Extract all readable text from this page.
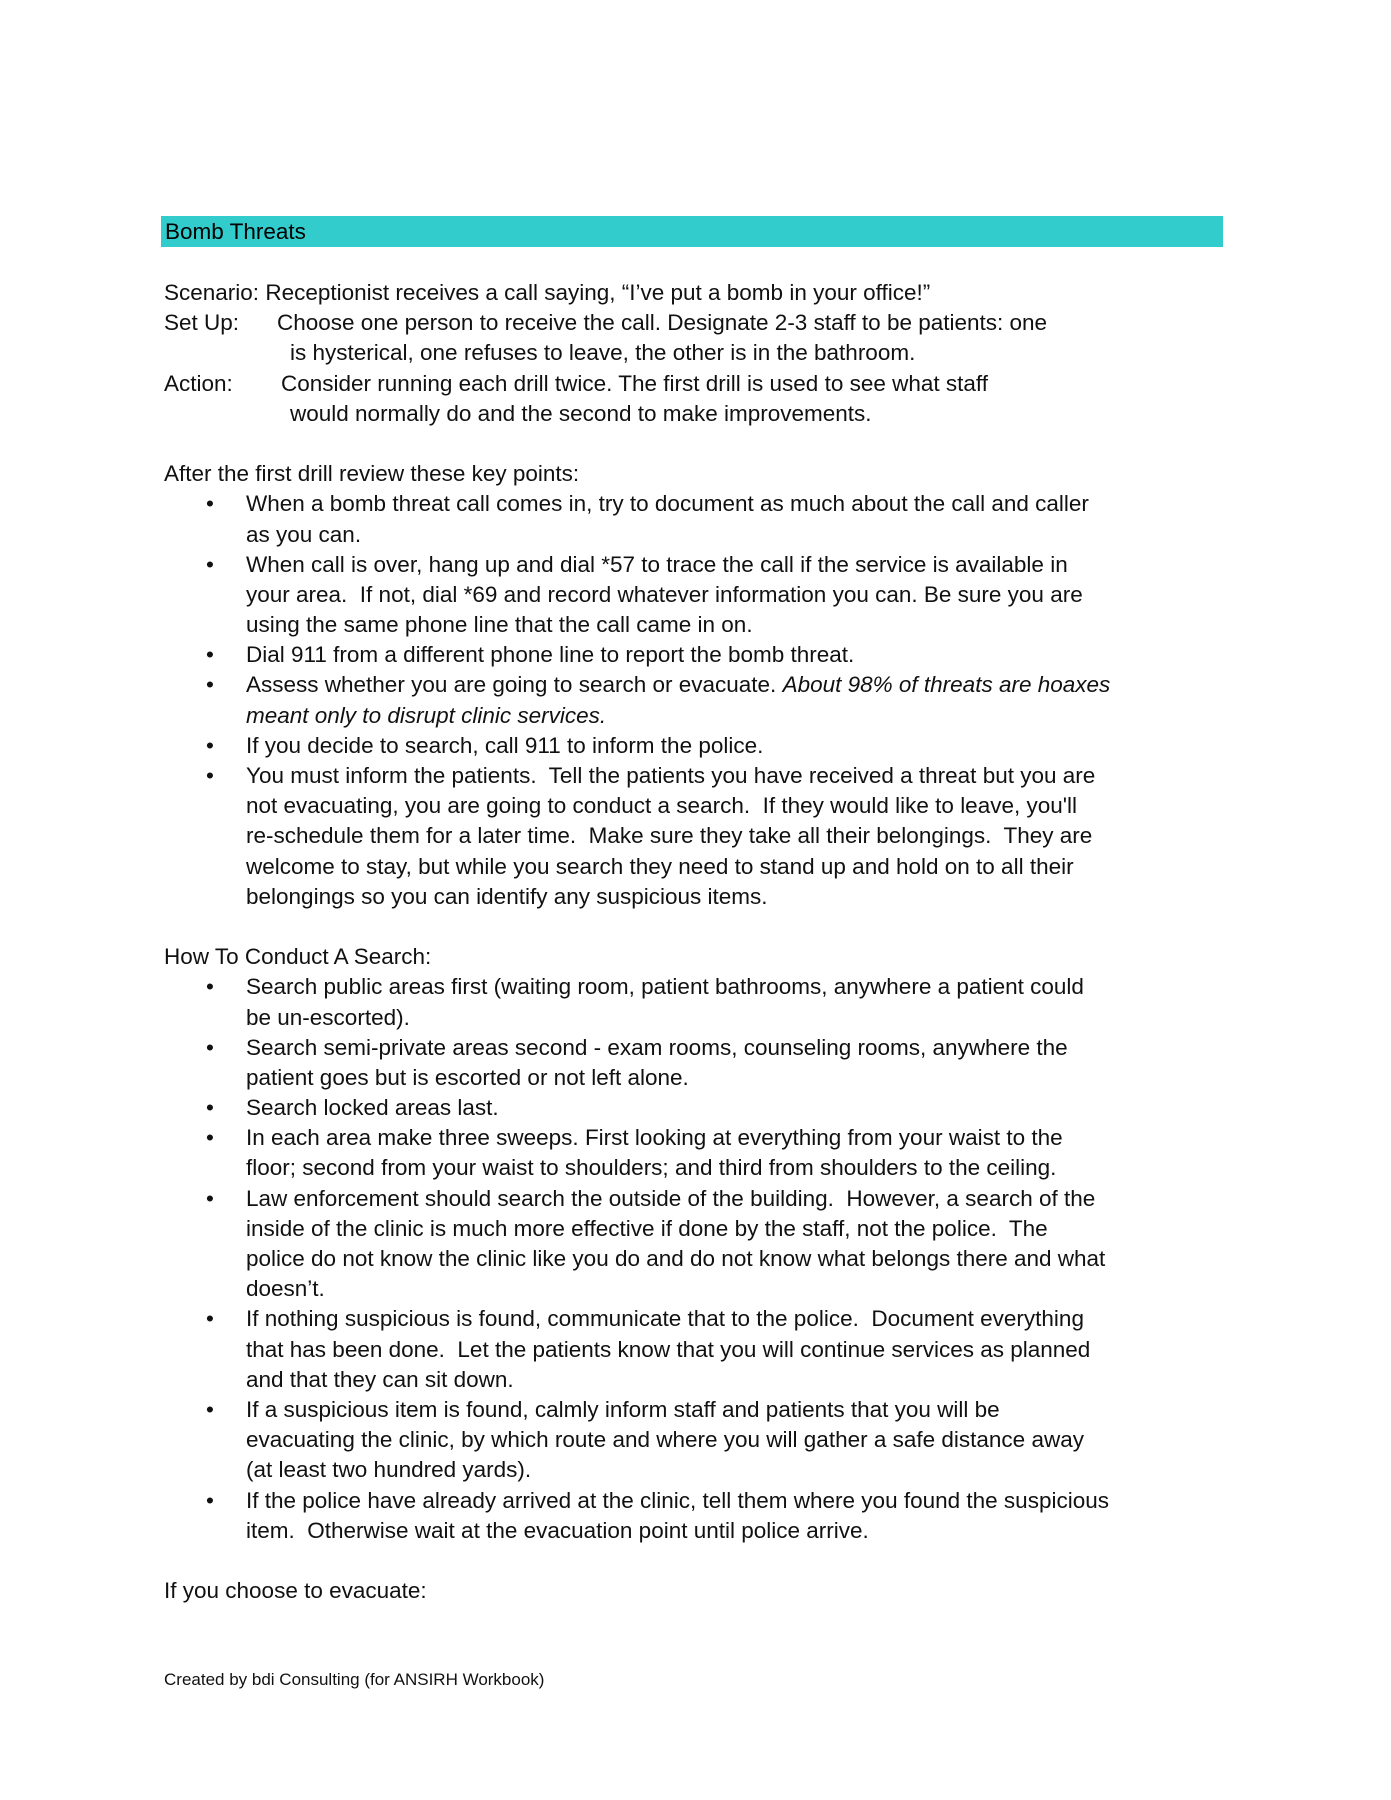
Bomb Threats
Scenario: Receptionist receives a call saying, “I’ve put a bomb in your office!”
Set Up: Choose one person to receive the call. Designate 2-3 staff to be patients: one
is hysterical, one refuses to leave, the other is in the bathroom.
Action: Consider running each drill twice. The first drill is used to see what staff
would normally do and the second to make improvements.
After the first drill review these key points:
• When a bomb threat call comes in, try to document as much about the call and caller
as you can.
• When call is over, hang up and dial *57 to trace the call if the service is available in
your area.  If not, dial *69 and record whatever information you can. Be sure you are
using the same phone line that the call came in on.
• Dial 911 from a different phone line to report the bomb threat.
• Assess whether you are going to search or evacuate. About 98% of threats are hoaxes
meant only to disrupt clinic services.
• If you decide to search, call 911 to inform the police.
• You must inform the patients.  Tell the patients you have received a threat but you are
not evacuating, you are going to conduct a search.  If they would like to leave, you'll
re-schedule them for a later time.  Make sure they take all their belongings.  They are
welcome to stay, but while you search they need to stand up and hold on to all their
belongings so you can identify any suspicious items.
How To Conduct A Search:
• Search public areas first (waiting room, patient bathrooms, anywhere a patient could
be un-escorted).
• Search semi-private areas second - exam rooms, counseling rooms, anywhere the
patient goes but is escorted or not left alone.
• Search locked areas last.
• In each area make three sweeps. First looking at everything from your waist to the
floor; second from your waist to shoulders; and third from shoulders to the ceiling.
• Law enforcement should search the outside of the building.  However, a search of the
inside of the clinic is much more effective if done by the staff, not the police.  The
police do not know the clinic like you do and do not know what belongs there and what
doesn’t.
• If nothing suspicious is found, communicate that to the police.  Document everything
that has been done.  Let the patients know that you will continue services as planned
and that they can sit down.
• If a suspicious item is found, calmly inform staff and patients that you will be
evacuating the clinic, by which route and where you will gather a safe distance away
(at least two hundred yards).
• If the police have already arrived at the clinic, tell them where you found the suspicious
item.  Otherwise wait at the evacuation point until police arrive.
If you choose to evacuate:
Created by bdi Consulting (for ANSIRH Workbook)
